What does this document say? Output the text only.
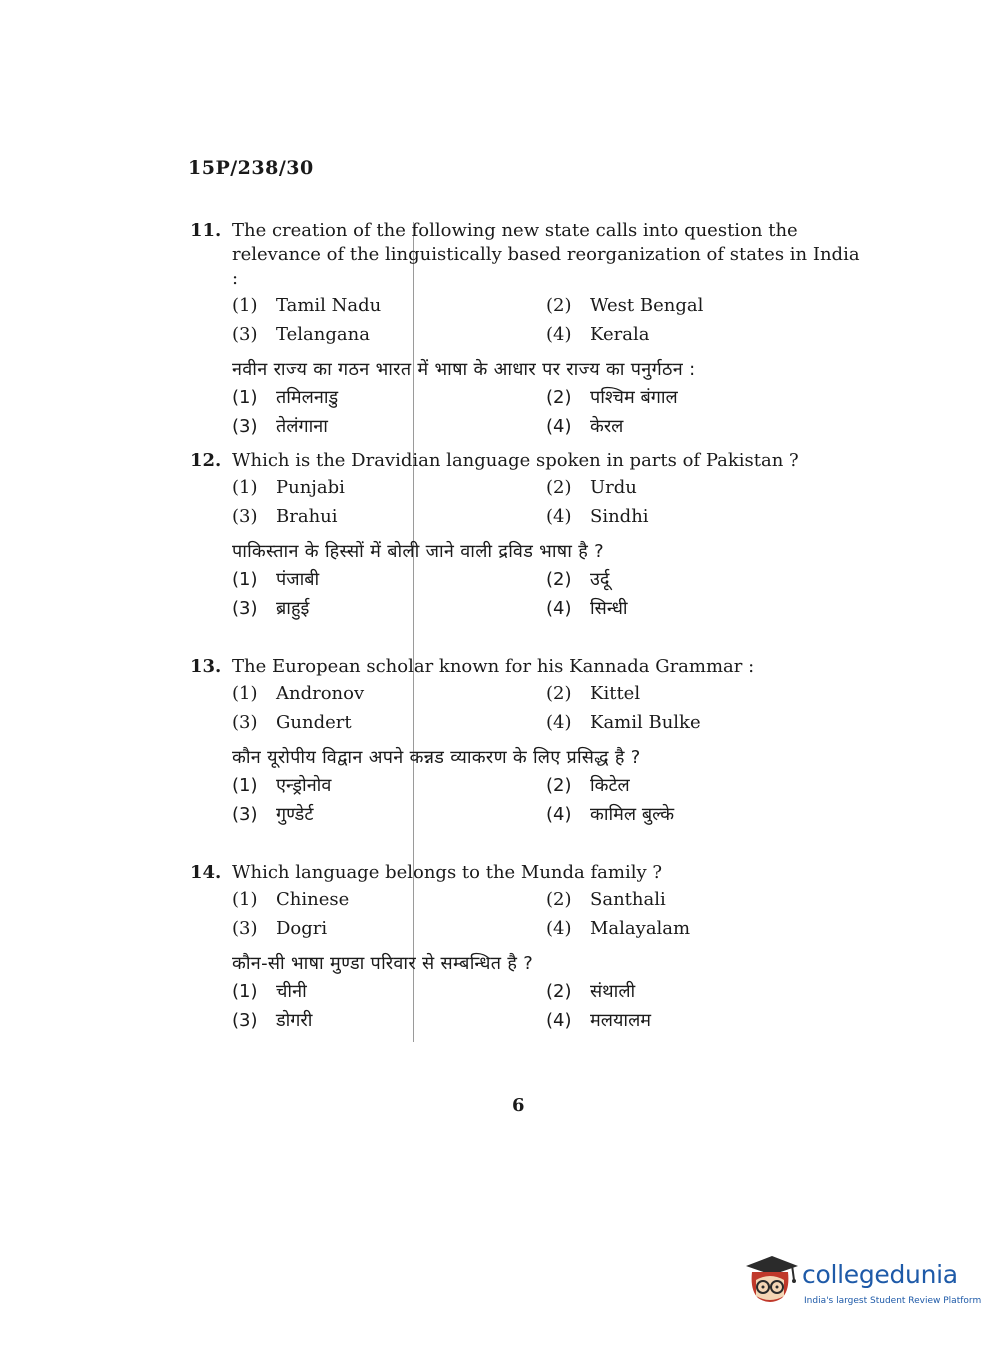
15P/238/30
11. The creation of the following new state calls into question the relevance of the linguistically based reorganization of states in India :
(1)	Tamil Nadu	(2)	West Bengal
(3)	Telangana	(4)	Kerala
नवीन राज्य का गठन भारत में भाषा के आधार पर राज्य का पनुर्गठन :
(1)	तमिलनाडु	(2)	पश्चिम बंगाल
(3)	तेलंगाना	(4)	केरल
12. Which is the Dravidian language spoken in parts of Pakistan ?
(1)	Punjabi	(2)	Urdu
(3)	Brahui	(4)	Sindhi
पाकिस्तान के हिस्सों में बोली जाने वाली द्रविड भाषा है ?
(1)	पंजाबी	(2)	उर्दू
(3)	ब्राहुई	(4)	सिन्धी
13. The European scholar known for his Kannada Grammar :
(1)	Andronov	(2)	Kittel
(3)	Gundert	(4)	Kamil Bulke
कौन यूरोपीय विद्वान अपने कन्नड व्याकरण के लिए प्रसिद्ध है ?
(1)	एन्ड्रोनोव	(2)	किटेल
(3)	गुण्डेर्ट	(4)	कामिल बुल्के
14. Which language belongs to the Munda family ?
(1)	Chinese	(2)	Santhali
(3)	Dogri	(4)	Malayalam
कौन-सी भाषा मुण्डा परिवार से सम्बन्धित है ?
(1)	चीनी	(2)	संथाली
(3)	डोगरी	(4)	मलयालम
6
collegedunia
India's largest Student Review Platform
